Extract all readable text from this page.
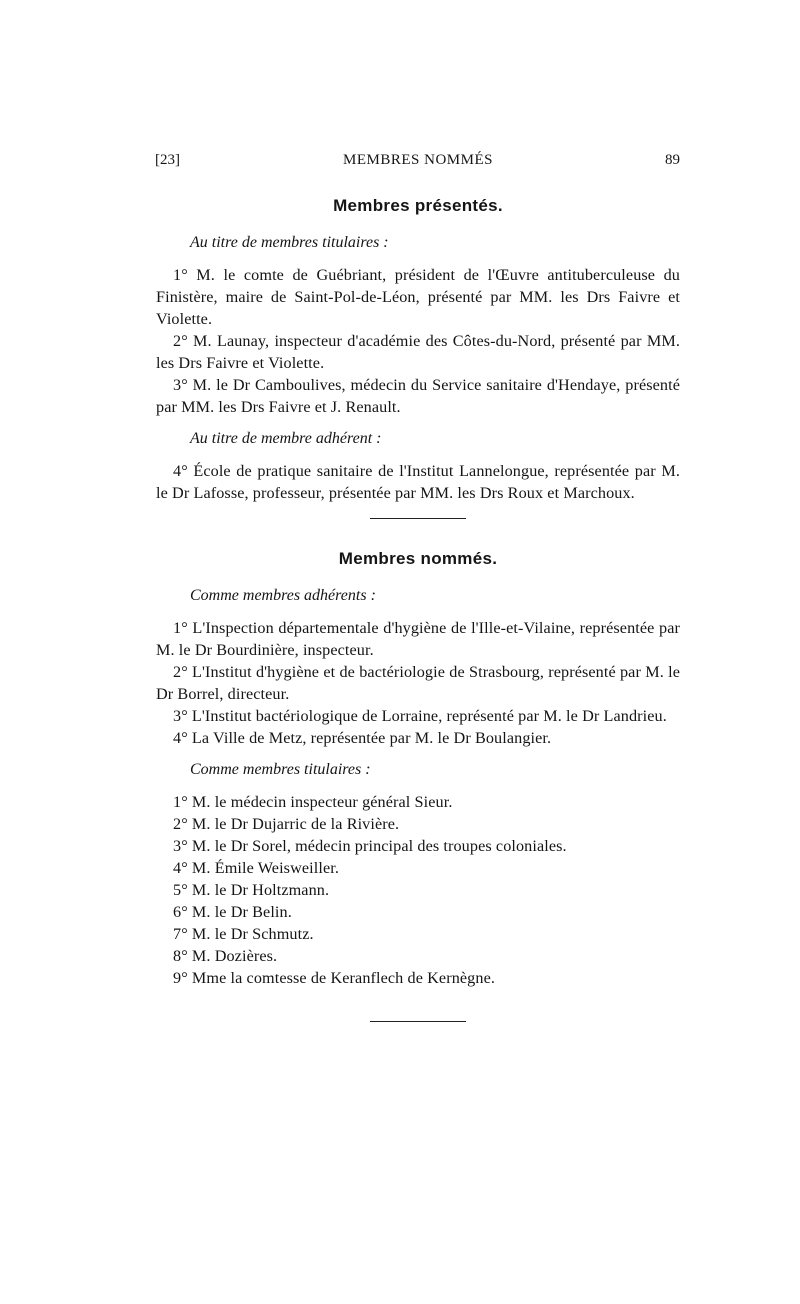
[23]	MEMBRES NOMMÉS	89
Membres présentés.

Au titre de membres titulaires :

1° M. le comte de Guébriant, président de l'Œuvre antituberculeuse du Finistère, maire de Saint-Pol-de-Léon, présenté par MM. les Drs Faivre et Violette.

2° M. Launay, inspecteur d'académie des Côtes-du-Nord, présenté par MM. les Drs Faivre et Violette.

3° M. le Dr Camboulives, médecin du Service sanitaire d'Hendaye, présenté par MM. les Drs Faivre et J. Renault.

Au titre de membre adhérent :

4° École de pratique sanitaire de l'Institut Lannelongue, représentée par M. le Dr Lafosse, professeur, présentée par MM. les Drs Roux et Marchoux.

Membres nommés.

Comme membres adhérents :

1° L'Inspection départementale d'hygiène de l'Ille-et-Vilaine, représentée par M. le Dr Bourdinière, inspecteur.

2° L'Institut d'hygiène et de bactériologie de Strasbourg, représenté par M. le Dr Borrel, directeur.

3° L'Institut bactériologique de Lorraine, représenté par M. le Dr Landrieu.

4° La Ville de Metz, représentée par M. le Dr Boulangier.

Comme membres titulaires :

1° M. le médecin inspecteur général Sieur.

2° M. le Dr Dujarric de la Rivière.

3° M. le Dr Sorel, médecin principal des troupes coloniales.

4° M. Émile Weisweiller.

5° M. le Dr Holtzmann.

6° M. le Dr Belin.

7° M. le Dr Schmutz.

8° M. Dozières.

9° Mme la comtesse de Keranflech de Kernègne.
